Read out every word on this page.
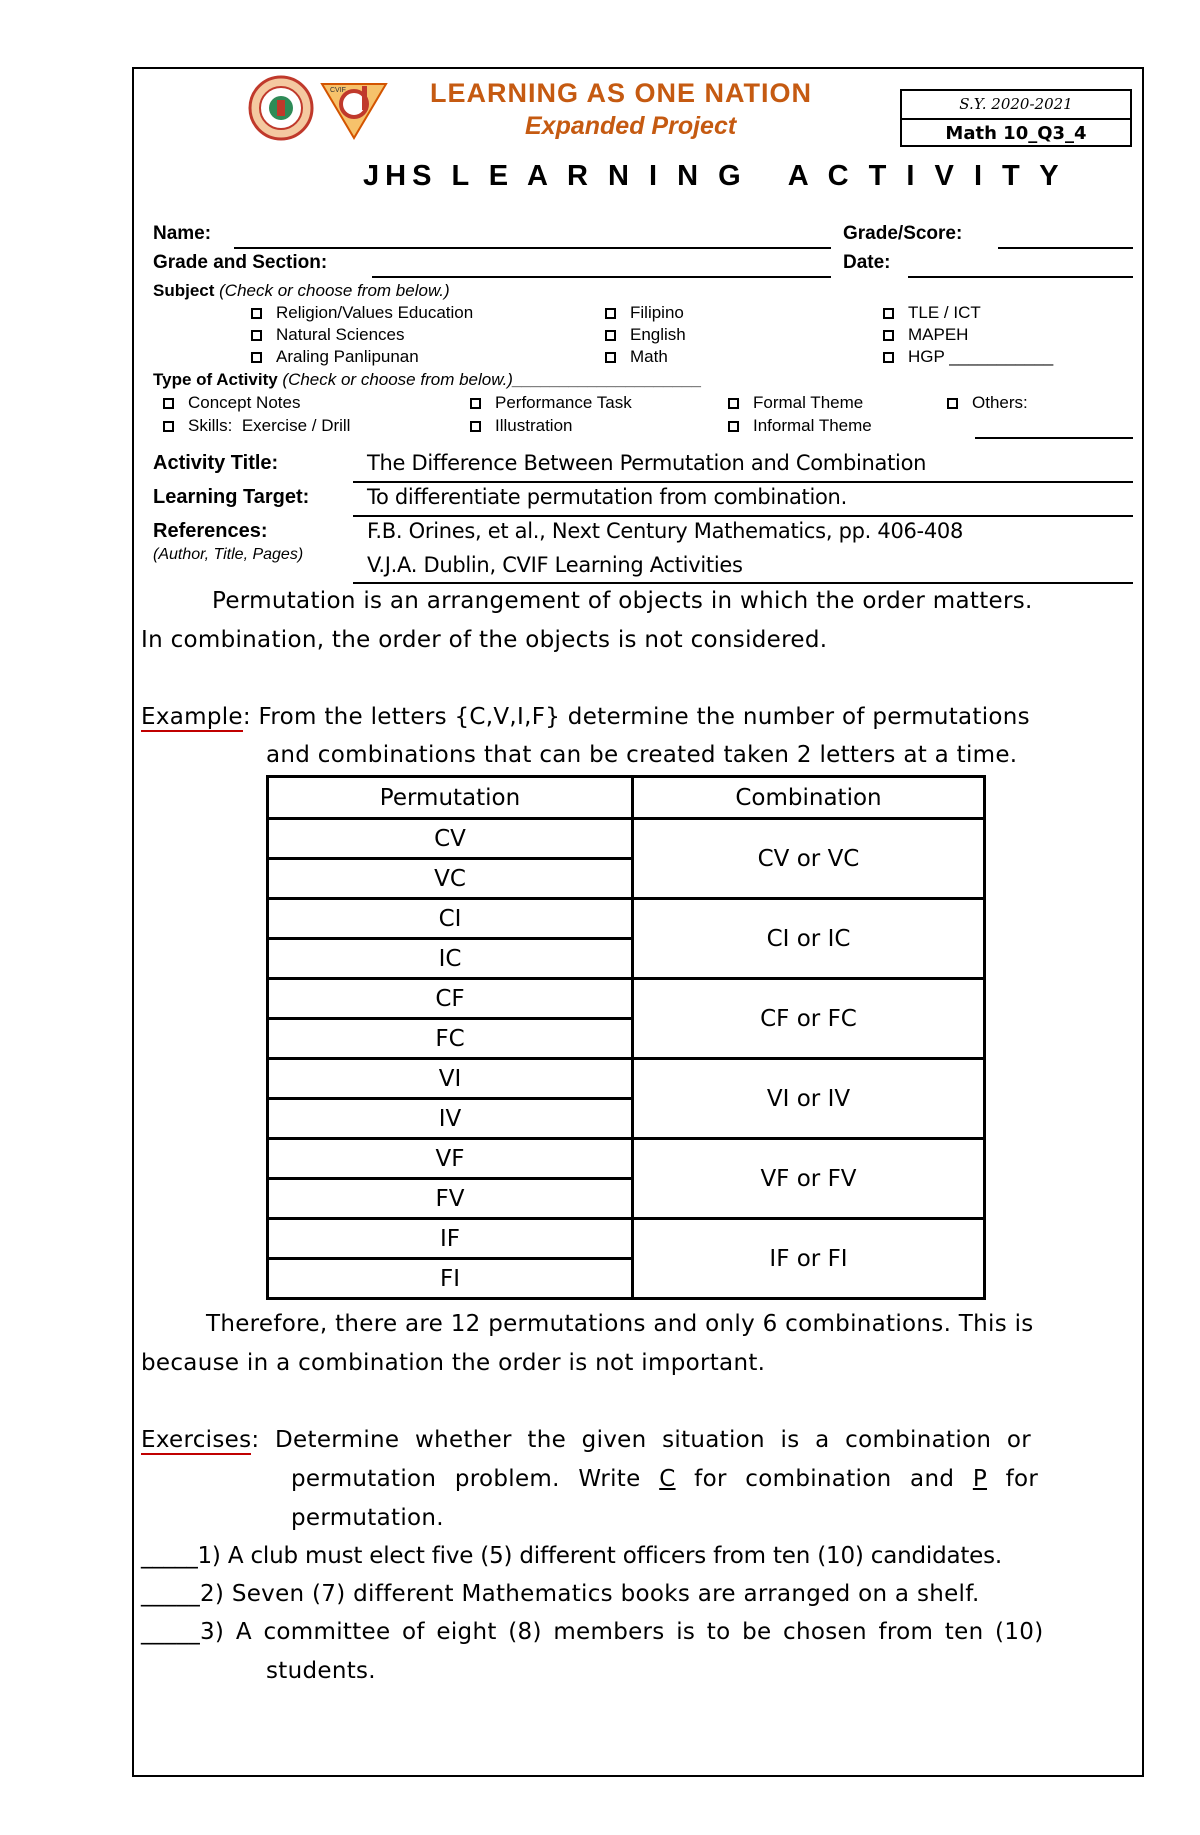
CVIF	LEARNING AS ONE NATION
Expanded Project
S.Y. 2020-2021
Math 10_Q3_4
JHS L E A R N I N G   A C T I V I T Y
Name:	Grade/Score:
Grade and Section:	Date:
Subject (Check or choose from below.)
Religion/Values Education	Filipino	TLE / ICT
Natural Sciences	English	MAPEH
Araling Panlipunan	Math	HGP ___________
Type of Activity (Check or choose from below.)____________________
Concept Notes	Performance Task	Formal Theme	Others:
Skills:  Exercise / Drill	Illustration	Informal Theme
Activity Title:	The Difference Between Permutation and Combination
Learning Target:	To differentiate permutation from combination.
References:
(Author, Title, Pages)
F.B. Orines, et al., Next Century Mathematics, pp. 406-408
V.J.A. Dublin, CVIF Learning Activities
Permutation is an arrangement of objects in which the order matters.
In combination, the order of the objects is not considered.
Example: From the letters {C,V,I,F} determine the number of permutations
and combinations that can be created taken 2 letters at a time.
Permutation	Combination
CV	CV or VC
VC	
CI	CI or IC
IC	
CF	CF or FC
FC	
VI	VI or IV
IV	
VF	VF or FV
FV	
IF	IF or FI
FI	
Therefore, there are 12 permutations and only 6 combinations. This is
because in a combination the order is not important.
Exercises: Determine whether the given situation is a combination or
permutation problem. Write C for combination and P for
permutation.
_____1) A club must elect five (5) different officers from ten (10) candidates.
_____2) Seven (7) different Mathematics books are arranged on a shelf.
_____3) A committee of eight (8) members is to be chosen from ten (10)
students.
